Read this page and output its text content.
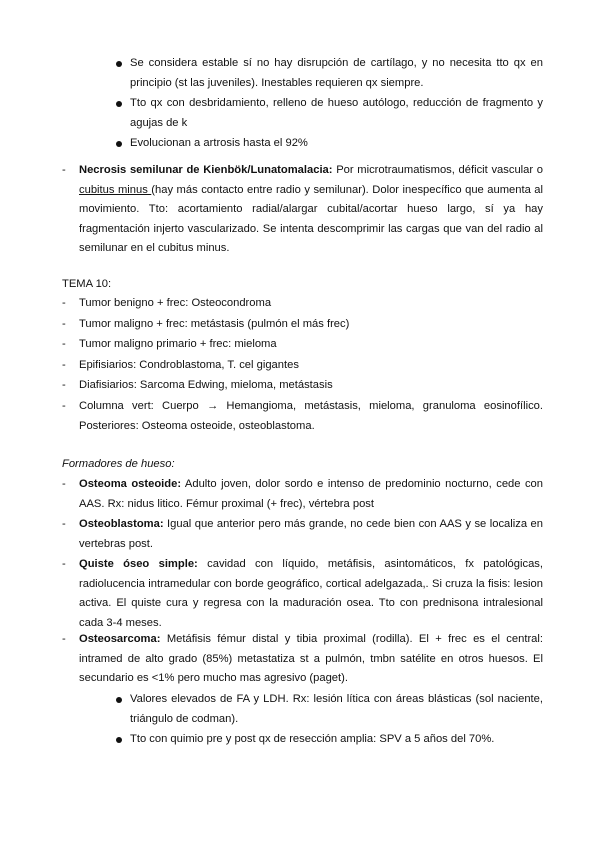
Se considera estable sí no hay disrupción de cartílago, y no necesita tto qx en principio (st las juveniles). Inestables requieren qx siempre.
Tto qx con desbridamiento, relleno de hueso autólogo, reducción de fragmento y agujas de k
Evolucionan a artrosis hasta el 92%
- Necrosis semilunar de Kienbök/Lunatomalacia: Por microtraumatismos, déficit vascular o cubitus minus (hay más contacto entre radio y semilunar). Dolor inespecífico que aumenta al movimiento. Tto: acortamiento radial/alargar cubital/acortar hueso largo, sí ya hay fragmentación injerto vascularizado. Se intenta descomprimir las cargas que van del radio al semilunar en el cubitus minus.
TEMA 10:
- Tumor benigno + frec: Osteocondroma
- Tumor maligno + frec: metástasis (pulmón el más frec)
- Tumor maligno primario + frec: mieloma
- Epifisiarios: Condroblastoma, T. cel gigantes
- Diafisiarios: Sarcoma Edwing, mieloma, metástasis
- Columna vert: Cuerpo → Hemangioma, metástasis, mieloma, granuloma eosinofílico. Posteriores: Osteoma osteoide, osteoblastoma.
Formadores de hueso:
- Osteoma osteoide: Adulto joven, dolor sordo e intenso de predominio nocturno, cede con AAS. Rx: nidus litico. Fémur proximal (+ frec), vértebra post
- Osteoblastoma: Igual que anterior pero más grande, no cede bien con AAS y se localiza en vertebras post.
- Quiste óseo simple: cavidad con líquido, metáfisis, asintomáticos, fx patológicas, radiolucencia intramedular con borde geográfico, cortical adelgazada,. Si cruza la fisis: lesion activa. El quiste cura y regresa con la maduración osea. Tto con prednisona intralesional cada 3-4 meses.
- Osteosarcoma: Metáfisis fémur distal y tibia proximal (rodilla). El + frec es el central: intramed de alto grado (85%) metastatiza st a pulmón, tmbn satélite en otros huesos. El secundario es <1% pero mucho mas agresivo (paget).
Valores elevados de FA y LDH. Rx: lesión lítica con áreas blásticas (sol naciente, triángulo de codman).
Tto con quimio pre y post qx de resección amplia: SPV a 5 años del 70%.
